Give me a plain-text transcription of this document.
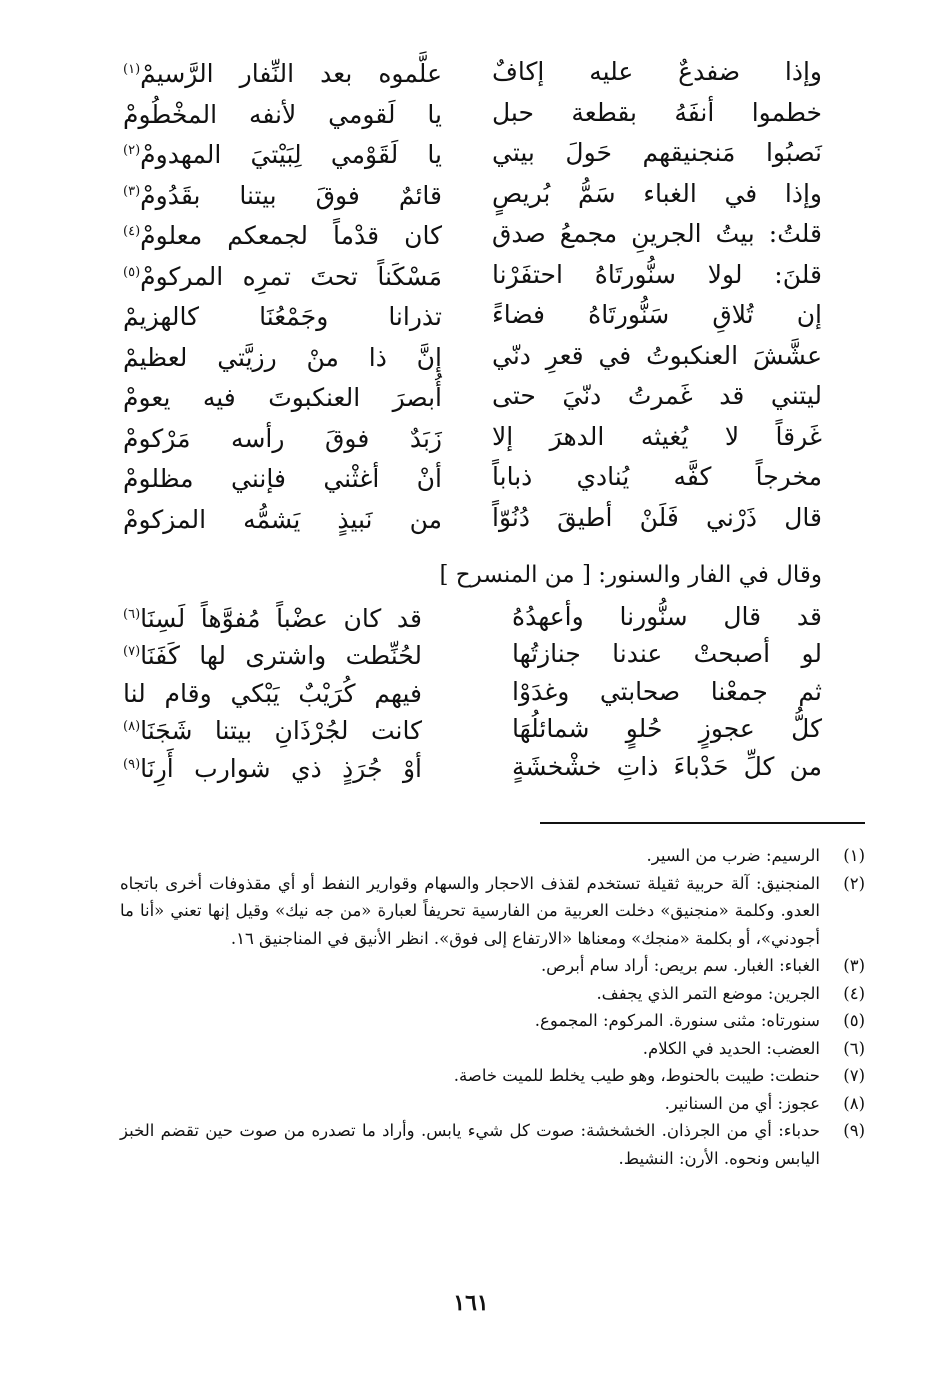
وإذا ضفدعٌ عليه إكافٌ
علَّموه بعد النِّفار الرَّسيمْ$^{(١)}$
خطموا أنفَهُ بقطعة حبل
يا لَقومي لأنفه المخْطُومْ
نَصبُوا مَنجنيقهم حَولَ بيتي
يا لَقَوْمي لِبَيْتيَ المهدومْ$^{(٢)}$
وإذا في الغباء سَمُّ بُريصٍ
قائمٌ فوقَ بيتنا بقَدُومْ$^{(٣)}$
قلتُ: بيتُ الجرينِ مجمعُ صدق
كان قدْماً لجمعكم معلومْ$^{(٤)}$
قلنَ: لولا سنُّورتَاهُ احتفَرْنا
مَسْكَناً تحتَ تمرِه المركومْ$^{(٥)}$
إن تُلاقِ سَنُّورتَاهُ فضاءً
تذرانا وجَمْعُنَا كالهزيمْ
عشَّشَ العنكبوتُ في قعرِ دنّي
إنَّ ذا منْ رزيَّتي لعظيمْ
ليتني قد غَمرتُ دنّيَ حتى
أُبصرَ العنكبوتَ فيه يعومْ
غَرقاً لا يُغيثه الدهرَ إلا
زَبَدٌ فوقَ رأسه مَرْكومْ
مخرجاً كفَّه يُنادي ذباباً
أنْ أغثْني فإنني مظلومْ
قال ذَرْني فَلَنْ أطيقَ دُنُوّاً
من نَبيذٍ يَشمُّه المزكومْ
وقال في الفار والسنور: [ من المنسرح ]
قد قال سنُّورنا وأعهدُهُ
قد كان عضْباً مُفوَّهاً لَسِنَا$^{(٦)}$
لو أصبحتْ عندنا جنازتُها
لحُنِّطت واشترى لها كَفَنَا$^{(٧)}$
ثم جمعْنا صحابتي وغدَوْا
فيهم كُرَيْبٌ يَبْكي وقام لنا
كلُّ عجوزٍ حُلوٍ شمائلُهَا
كانت لجُرْذَانِ بيتنا شَجَنَا$^{(٨)}$
من كلِّ حَدْباءَ ذاتِ خشْخشَةٍ
أوْ جُرَذٍ ذي شوارب أَرِنَا$^{(٩)}$
(١)
الرسيم: ضرب من السير.
(٢)
المنجنيق: آلة حربية ثقيلة تستخدم لقذف الاحجار والسهام وقوارير النفط أو أي مقذوفات أخرى باتجاه العدو. وكلمة «منجنيق» دخلت العربية من الفارسية تحريفاً لعبارة «من جه نيك» وقيل إنها تعني «أنا ما أجودني»، أو بكلمة «منجك» ومعناها «الارتفاع إلى فوق». انظر الأنيق في المناجنيق ١٦.
(٣)
الغباء: الغبار. سم بريص: أراد سام أبرص.
(٤)
الجرين: موضع التمر الذي يجفف.
(٥)
سنورتاه: مثنى سنورة. المركوم: المجموع.
(٦)
العضب: الحديد في الكلام.
(٧)
حنطت: طيبت بالحنوط، وهو طيب يخلط للميت خاصة.
(٨)
عجوز: أي من السنانير.
(٩)
حدباء: أي من الجرذان. الخشخشة: صوت كل شيء يابس. وأراد ما تصدره من صوت حين تقضم الخبز اليابس ونحوه. الأرن: النشيط.
١٦١
